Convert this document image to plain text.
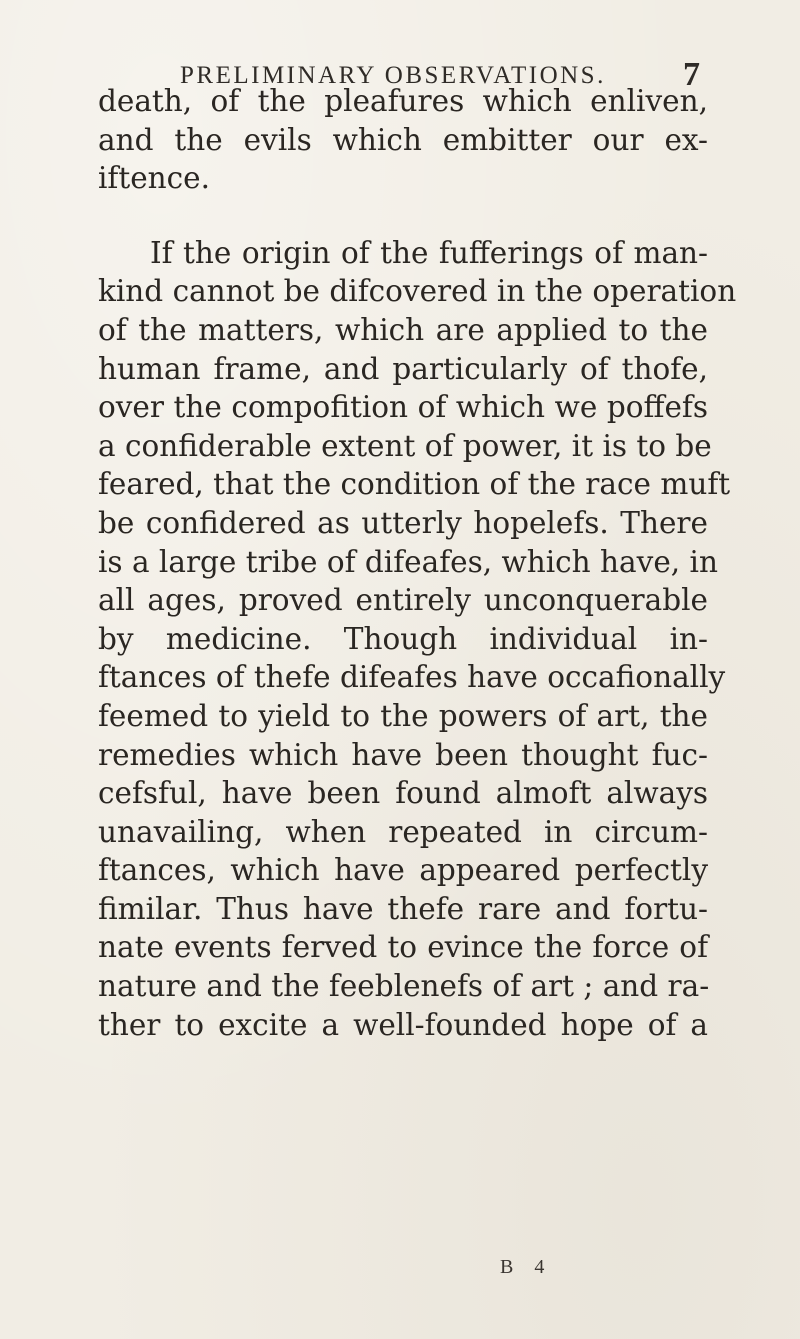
PRELIMINARY OBSERVATIONS. 7
death, of the pleafures which enliven,
and the evils which embitter our ex-
iftence.
If the origin of the fufferings of man-
kind cannot be difcovered in the operation
of the matters, which are applied to the
human frame, and particularly of thofe,
over the compofition of which we poffefs
a confiderable extent of power, it is to be
feared, that the condition of the race muft
be confidered as utterly hopelefs. There
is a large tribe of difeafes, which have, in
all ages, proved entirely unconquerable
by medicine. Though individual in-
ftances of thefe difeafes have occafionally
feemed to yield to the powers of art, the
remedies which have been thought fuc-
cefsful, have been found almoft always
unavailing, when repeated in circum-
ftances, which have appeared perfectly
fimilar. Thus have thefe rare and fortu-
nate events ferved to evince the force of
nature and the feeblenefs of art ; and ra-
ther to excite a well-founded hope of a
B 4
